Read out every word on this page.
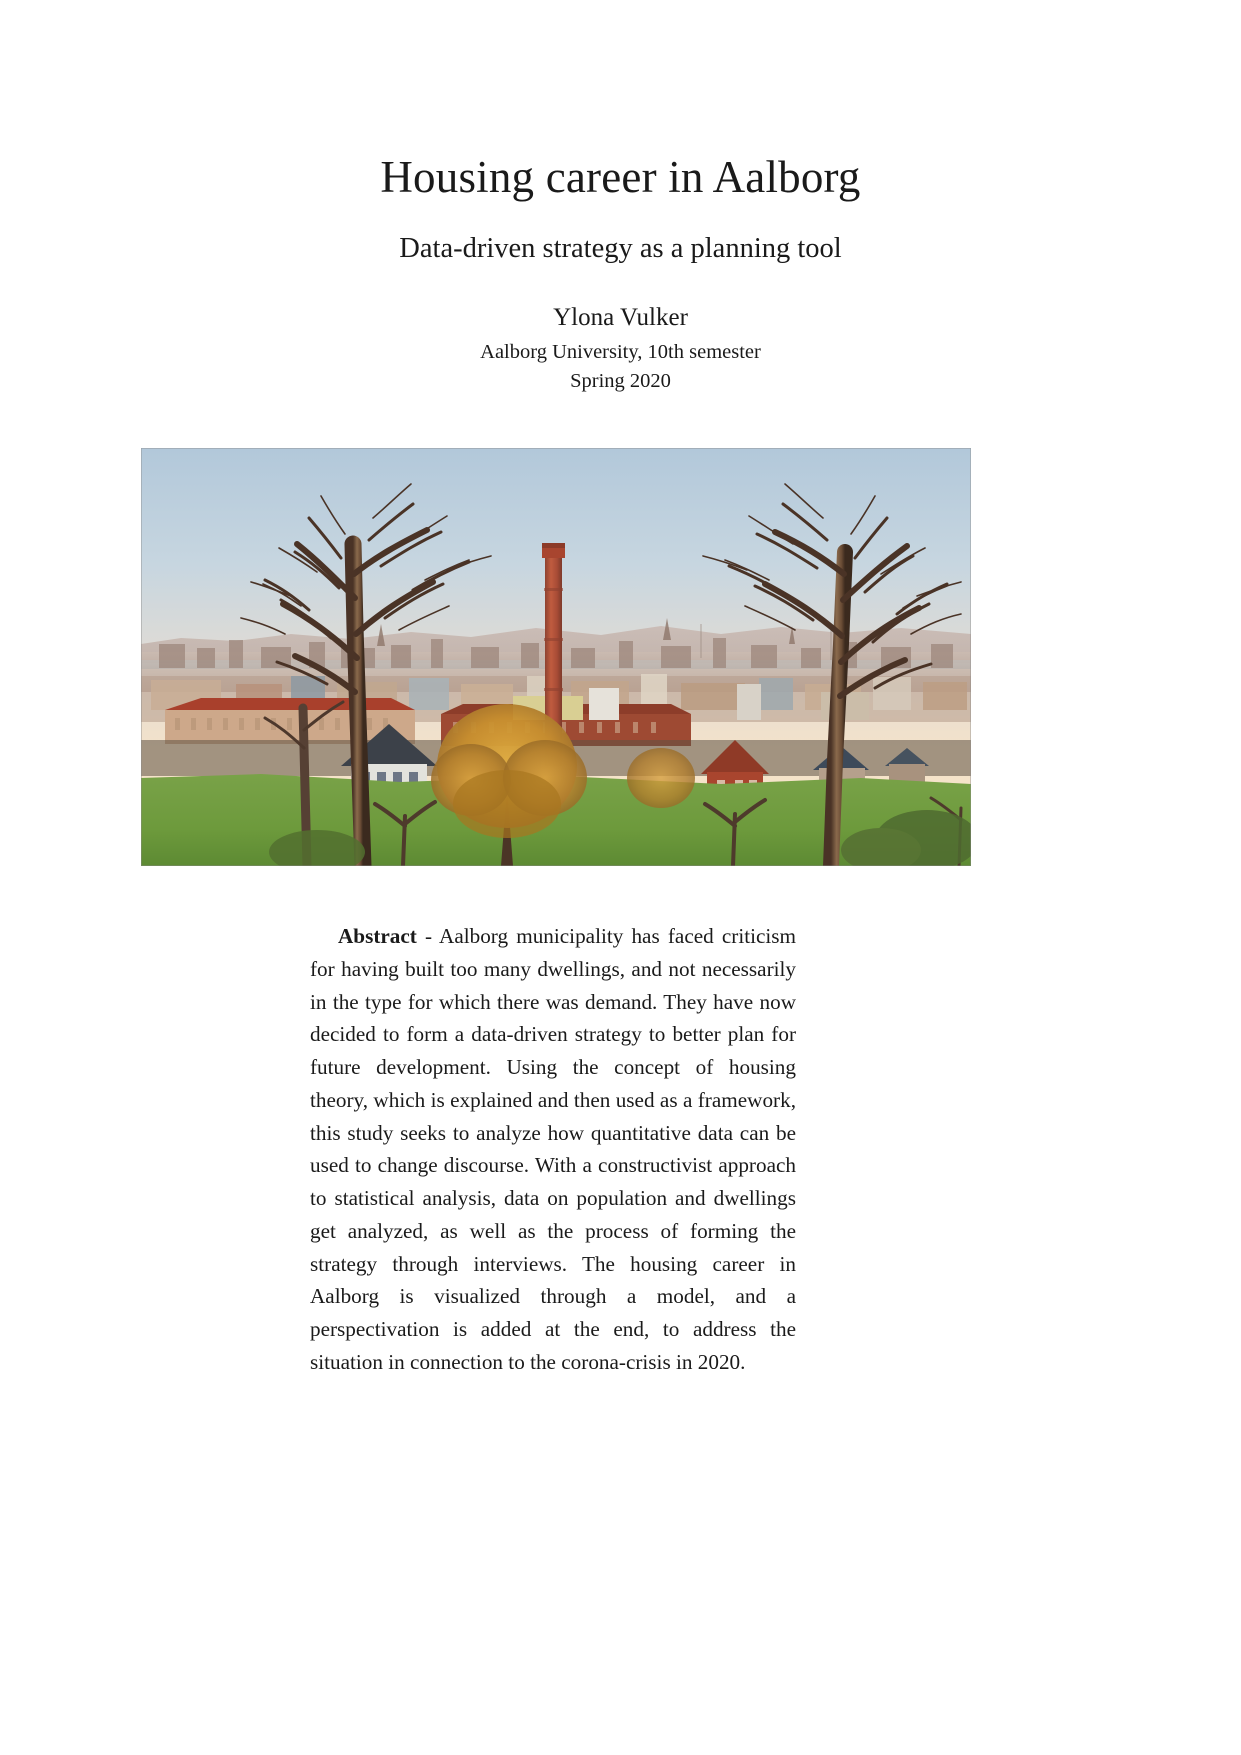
Housing career in Aalborg
Data-driven strategy as a planning tool

Ylona Vulker

Aalborg University, 10th semester

Spring 2020

Abstract - Aalborg municipality has faced criticism for having built too many dwellings, and not necessarily in the type for which there was demand. They have now decided to form a data-driven strategy to better plan for future development. Using the concept of housing theory, which is explained and then used as a framework, this study seeks to analyze how quantitative data can be used to change discourse. With a constructivist approach to statistical analysis, data on population and dwellings get analyzed, as well as the process of forming the strategy through interviews. The housing career in Aalborg is visualized through a model, and a perspectivation is added at the end, to address the situation in connection to the corona-crisis in 2020.
